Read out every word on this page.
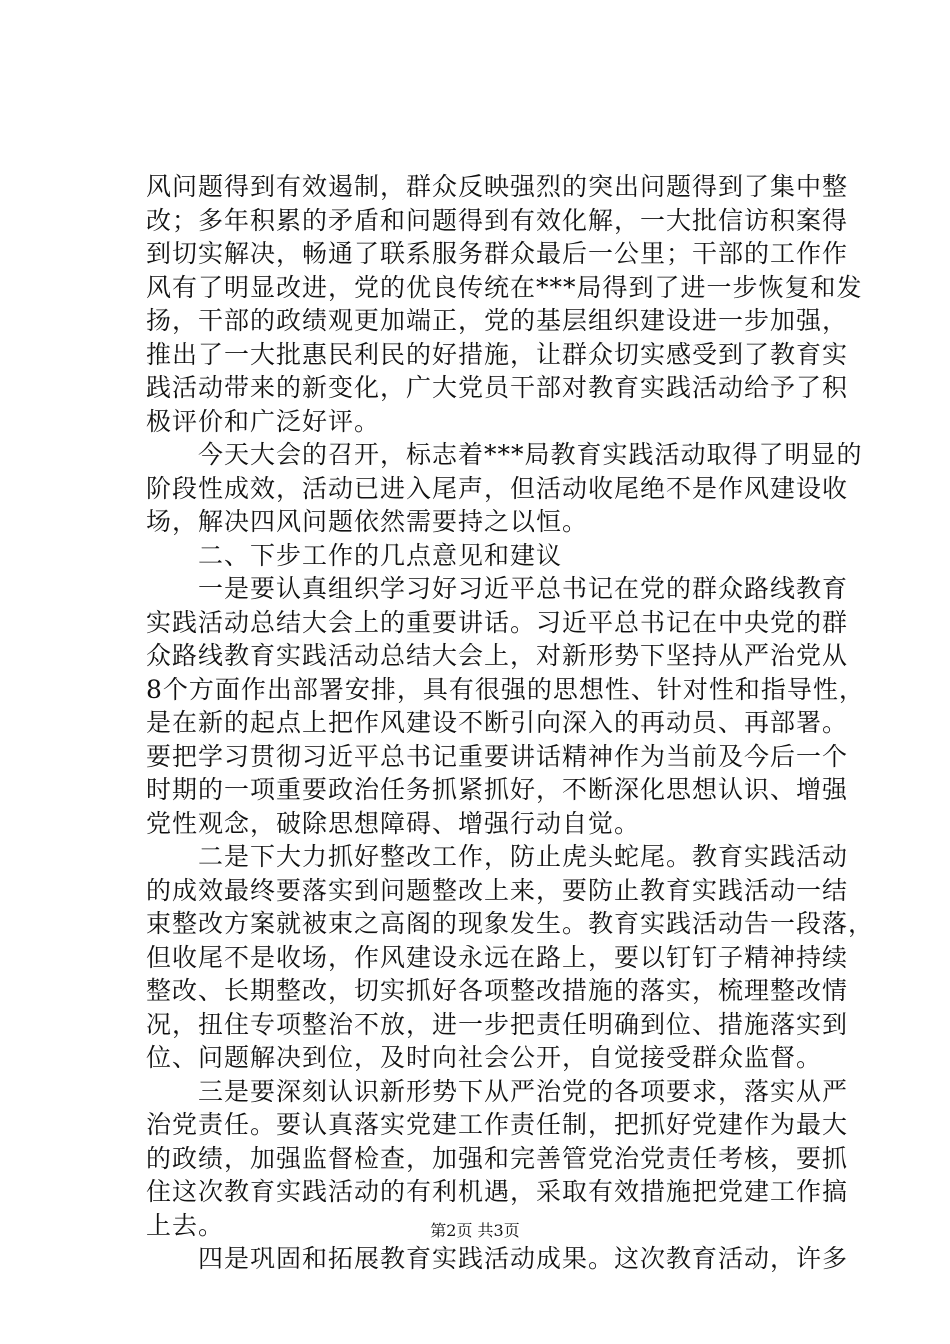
风问题得到有效遏制，群众反映强烈的突出问题得到了集中整
改；多年积累的矛盾和问题得到有效化解，一大批信访积案得
到切实解决，畅通了联系服务群众最后一公里；干部的工作作
风有了明显改进，党的优良传统在***局得到了进一步恢复和发
扬，干部的政绩观更加端正，党的基层组织建设进一步加强，
推出了一大批惠民利民的好措施，让群众切实感受到了教育实
践活动带来的新变化，广大党员干部对教育实践活动给予了积
极评价和广泛好评。
　　今天大会的召开，标志着***局教育实践活动取得了明显的
阶段性成效，活动已进入尾声，但活动收尾绝不是作风建设收
场，解决四风问题依然需要持之以恒。
　　二、下步工作的几点意见和建议
　　一是要认真组织学习好习近平总书记在党的群众路线教育
实践活动总结大会上的重要讲话。习近平总书记在中央党的群
众路线教育实践活动总结大会上，对新形势下坚持从严治党从
8个方面作出部署安排，具有很强的思想性、针对性和指导性，
是在新的起点上把作风建设不断引向深入的再动员、再部署。
要把学习贯彻习近平总书记重要讲话精神作为当前及今后一个
时期的一项重要政治任务抓紧抓好，不断深化思想认识、增强
党性观念，破除思想障碍、增强行动自觉。
　　二是下大力抓好整改工作，防止虎头蛇尾。教育实践活动
的成效最终要落实到问题整改上来，要防止教育实践活动一结
束整改方案就被束之高阁的现象发生。教育实践活动告一段落，
但收尾不是收场，作风建设永远在路上，要以钉钉子精神持续
整改、长期整改，切实抓好各项整改措施的落实，梳理整改情
况，扭住专项整治不放，进一步把责任明确到位、措施落实到
位、问题解决到位，及时向社会公开，自觉接受群众监督。
　　三是要深刻认识新形势下从严治党的各项要求，落实从严
治党责任。要认真落实党建工作责任制，把抓好党建作为最大
的政绩，加强监督检查，加强和完善管党治党责任考核，要抓
住这次教育实践活动的有利机遇，采取有效措施把党建工作搞
上去。
　　四是巩固和拓展教育实践活动成果。这次教育活动，许多
第2页 共3页
